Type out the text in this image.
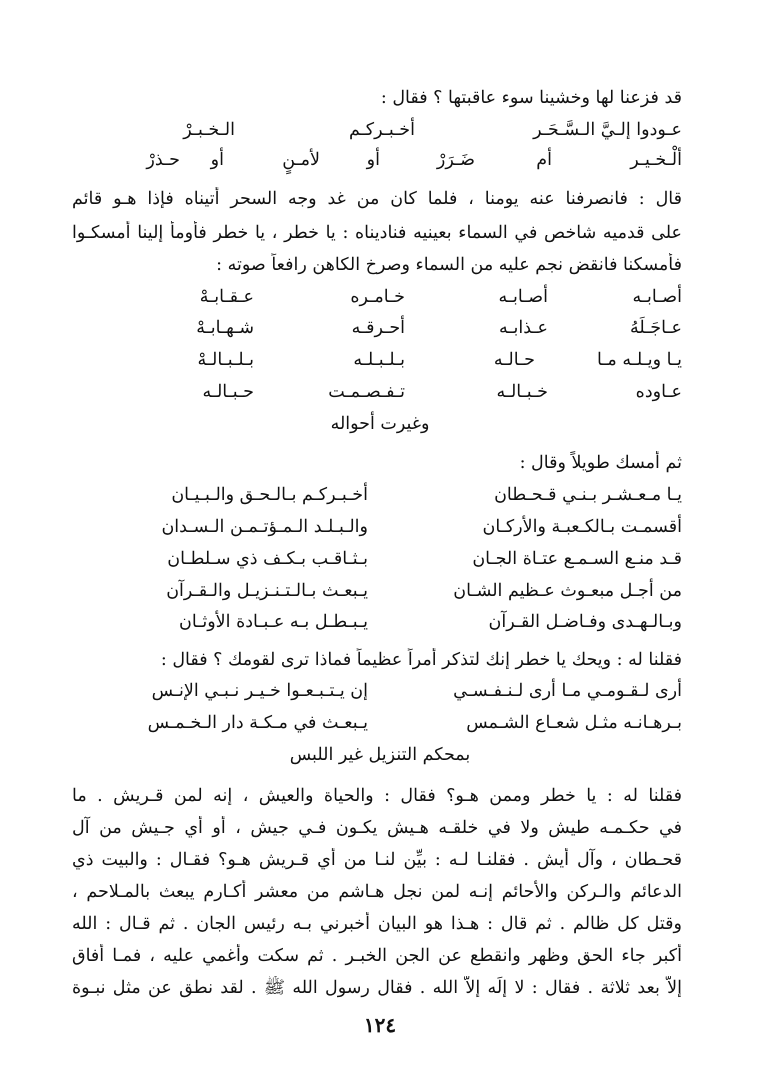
قد فزعنا لها وخشينا سوء عاقبتها ؟ فقال :
عـودوا إلـيَّ الـسَّـحَـر
أخـبـركـم
الـخـبـرْ
ألْـخـيـر
أم
ضَـرَرْ
أو
لأمـنٍ
أو
حـذرْ
قال : فانصرفنا عنه يومنا ، فلما كان من غد وجه السحر أتيناه فإذا هـو قائم
على قدميه شاخص في السماء بعينيه فناديناه : يا خطر ، يا خطر فأومأ إلينا أمسكـوا
فأمسكنا فانقض نجم عليه من السماء وصرخ الكاهن رافعاً صوته :
أصـابـه
أصـابـه
خـامـره
عـقـابـهْ
عـاجَـلَهُ
عـذابـه
أحـرقـه
شـهـابـهْ
يـا ويـلـه مـا
حـالـه
بـلـبـلـه
بـلـبـالـهْ
عـاوده
خـبـالـه
تـفـصـمـت
حـبـالـه
وغيرت أحواله
ثم أمسك طويلاً وقال :
يـا مـعـشـر بـنـي قـحـطان
أخـبـركـم بـالـحـق والـبـيـان
أقسمـت بـالكـعبـة والأركـان
والـبـلـد الـمـؤتـمـن الـسـدان
قـد منـع السـمـع عتـاة الجـان
بـثـاقـب بـكـف ذي سـلطـان
من أجـل مبعـوث عـظيم الشـان
يـبعـث بـالـتـنـزيـل والـقـرآن
وبـالـهـدى وفـاضـل القـرآن
يـبـطـل بـه عـبـادة الأوثـان
فقلنا له : ويحك يا خطر إنك لتذكر أمراً عظيماً فماذا ترى لقومك ؟ فقال :
أرى لـقـومـي مـا أرى لـنـفـسـي
إن يـتـبـعـوا خـيـر نـبـي الإنـس
بـرهـانـه مثـل شعـاع الشـمس
يـبعـث في مـكـة دار الـخـمـس
بمحكم التنزيل غير اللبس
فقلنا له : يا خطر وممن هـو؟ فقال : والحياة والعيش ، إنه لمن قـريش . ما
في حكـمـه طيش ولا في خلقـه هـيش يكـون فـي جيش ، أو أي جـيش من آل
قحـطان ، وآل أيش . فقلنـا لـه : بيِّن لنـا من أي قـريش هـو؟ فقـال : والبيت ذي
الدعائم والـركن والأحائم إنـه لمن نجل هـاشم من معشر أكـارم يبعث بالمـلاحم ،
وقتل كل ظالم . ثم قال : هـذا هو البيان أخبرني بـه رئيس الجان . ثم قـال : الله
أكبر جاء الحق وظهر وانقطع عن الجن الخبـر . ثم سكت وأغمي عليه ، فمـا أفاق
إلاَّ بعد ثلاثة . فقال : لا إلَه إلاّ الله . فقال رسول الله ﷺ . لقد نطق عن مثل نبـوة
١٢٤
